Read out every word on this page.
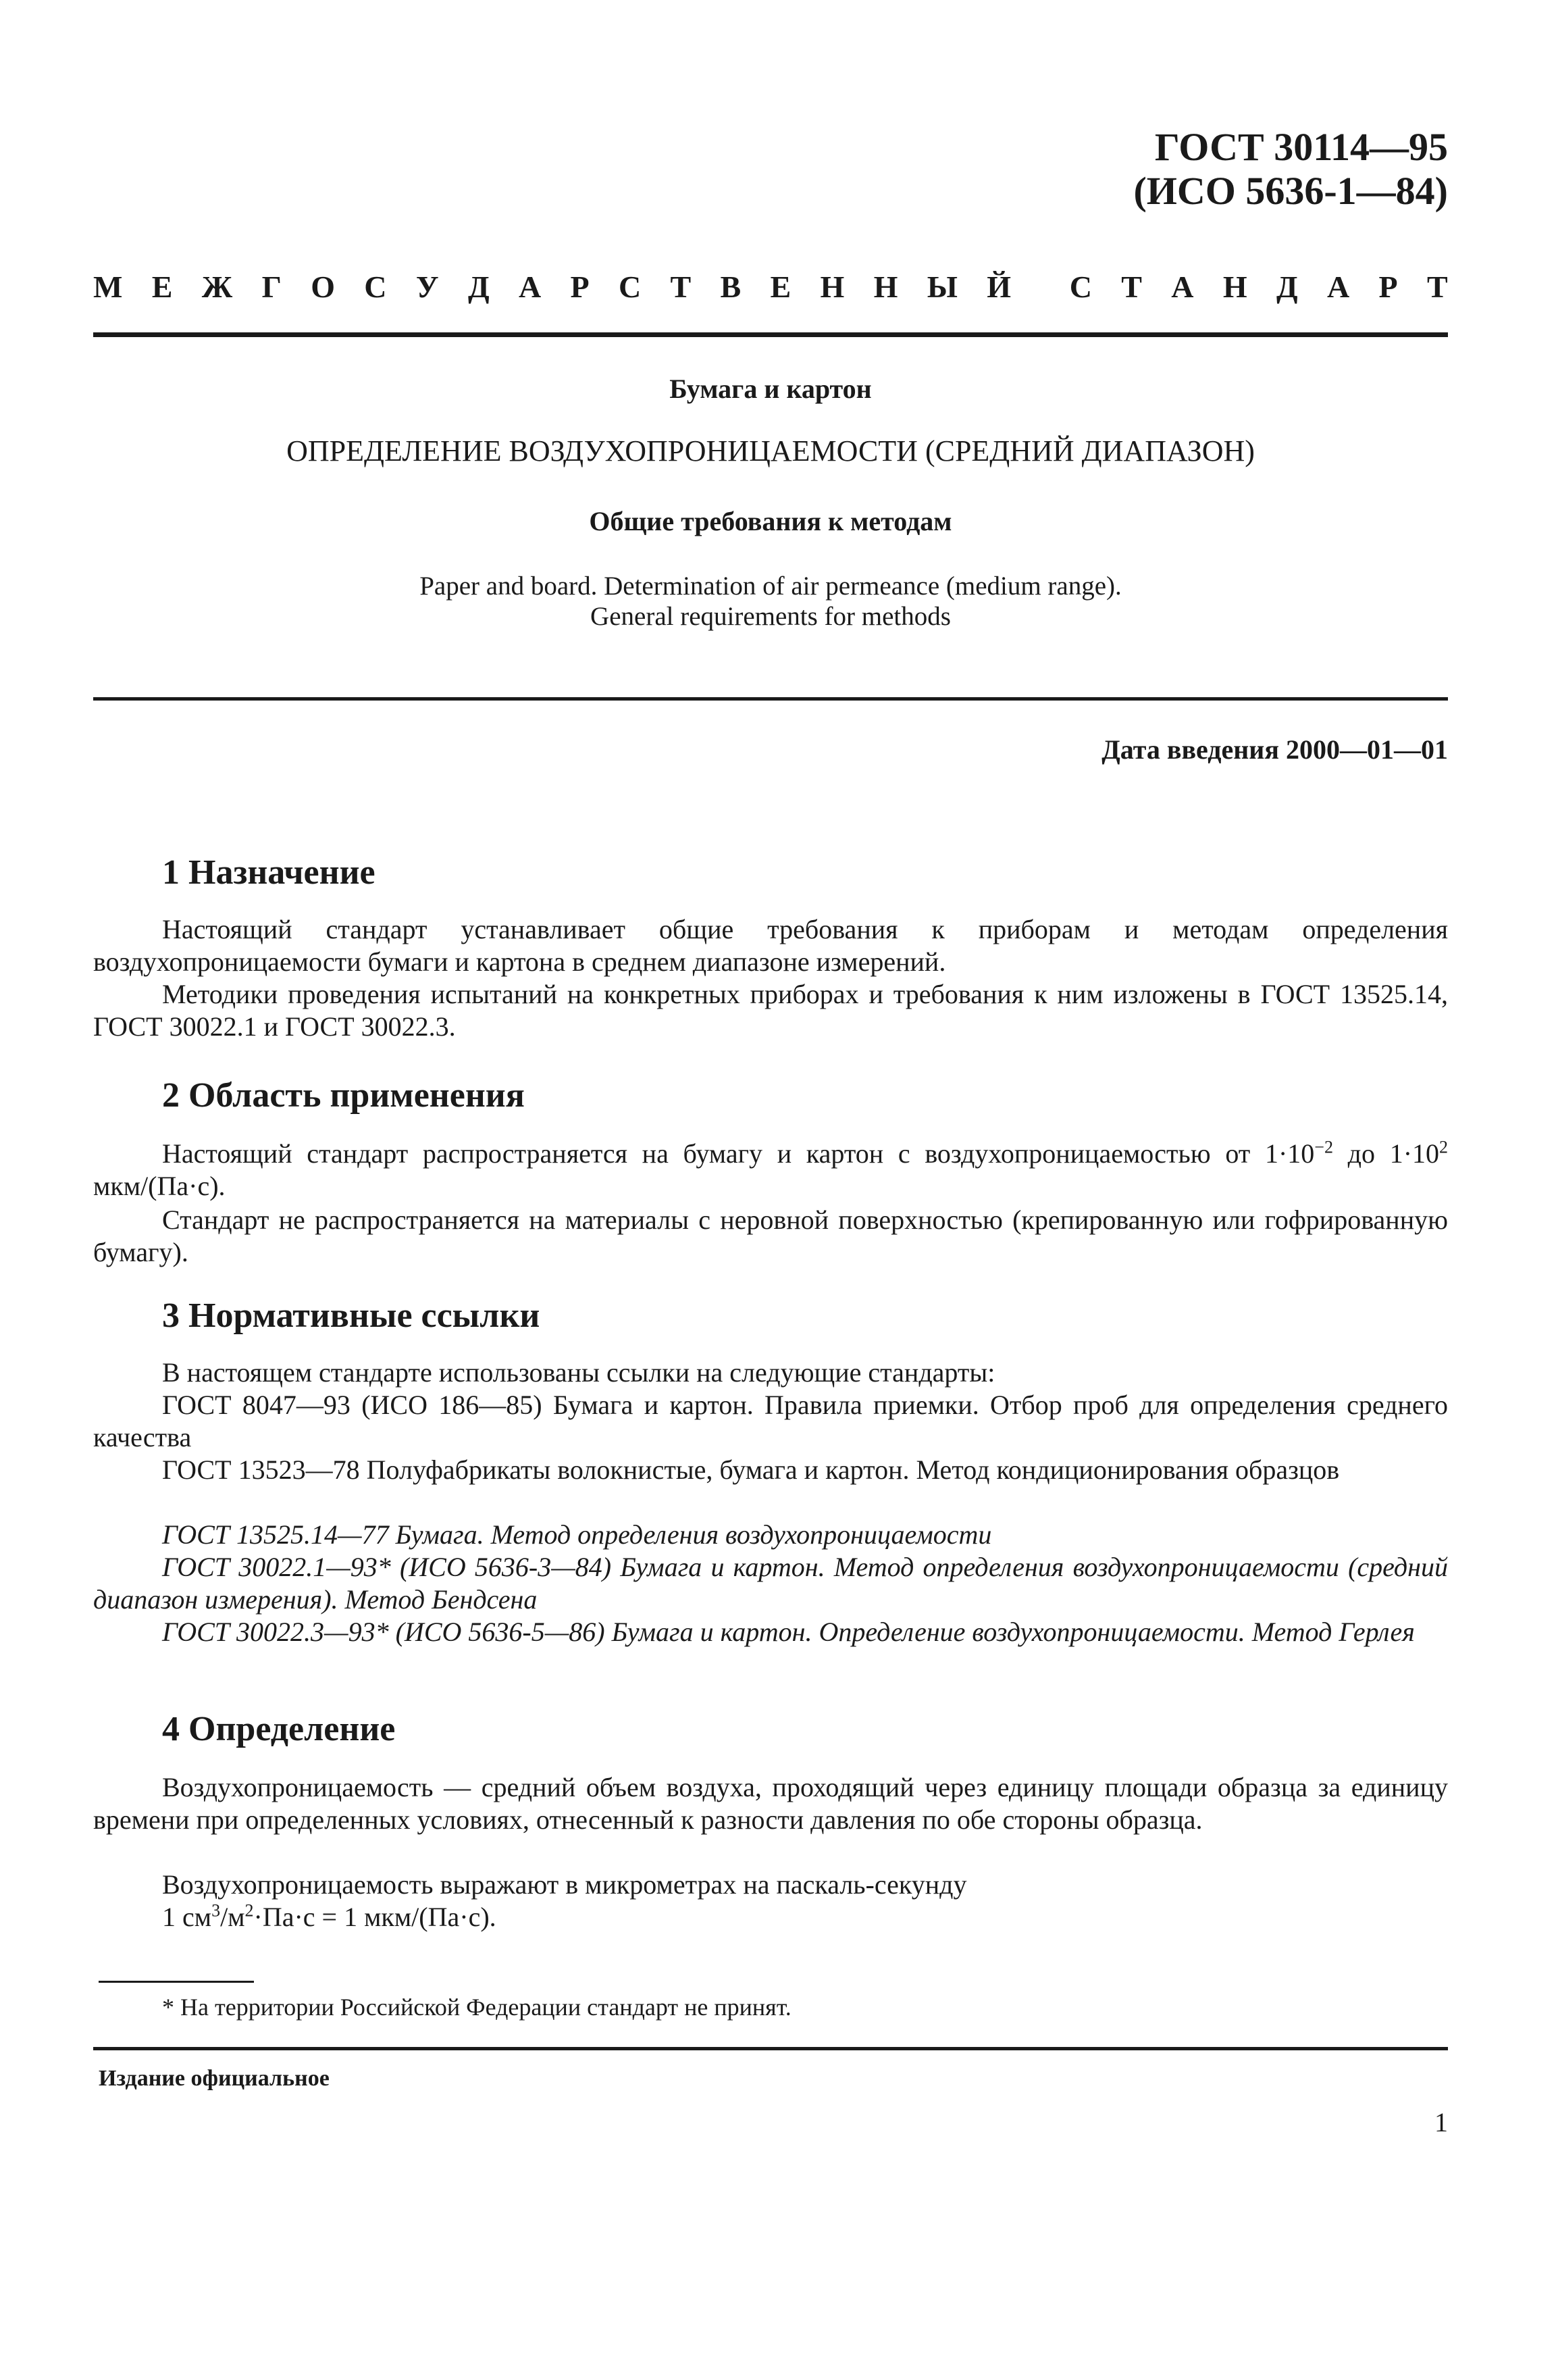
ГОСТ 30114—95
(ИСО 5636-1—84)
М Е Ж Г О С У Д А Р С Т В Е Н Н Ы Й С Т А Н Д А Р Т
Бумага и картон
ОПРЕДЕЛЕНИЕ ВОЗДУХОПРОНИЦАЕМОСТИ (СРЕДНИЙ ДИАПАЗОН)
Общие требования к методам
Paper and board. Determination of air permeance (medium range).
General requirements for methods
Дата введения 2000—01—01
1 Назначение
Настоящий стандарт устанавливает общие требования к приборам и методам определения воздухопроницаемости бумаги и картона в среднем диапазоне измерений.
Методики проведения испытаний на конкретных приборах и требования к ним изложены в ГОСТ 13525.14, ГОСТ 30022.1 и ГОСТ 30022.3.
2 Область применения
Настоящий стандарт распространяется на бумагу и картон с воздухопроницаемостью от $1\cdot 10^{-2}$ до $1\cdot 10^2$ мкм/(Па·с).
Стандарт не распространяется на материалы с неровной поверхностью (крепированную или гофрированную бумагу).
3 Нормативные ссылки
В настоящем стандарте использованы ссылки на следующие стандарты:
ГОСТ 8047—93 (ИСО 186—85) Бумага и картон. Правила приемки. Отбор проб для определения среднего качества
ГОСТ 13523—78 Полуфабрикаты волокнистые, бумага и картон. Метод кондиционирования образцов
ГОСТ 13525.14—77 Бумага. Метод определения воздухопроницаемости
ГОСТ 30022.1—93* (ИСО 5636-3—84) Бумага и картон. Метод определения воздухопроницаемости (средний диапазон измерения). Метод Бендсена
ГОСТ 30022.3—93* (ИСО 5636-5—86) Бумага и картон. Определение воздухопроницаемости. Метод Герлея
4 Определение
Воздухопроницаемость — средний объем воздуха, проходящий через единицу площади образца за единицу времени при определенных условиях, отнесенный к разности давления по обе стороны образца.
Воздухопроницаемость выражают в микрометрах на паскаль-секунду
1 $см^3/м^2\cdot Па\cdot с = 1$ мкм/(Па·с).
* На территории Российской Федерации стандарт не принят.
Издание официальное
1
